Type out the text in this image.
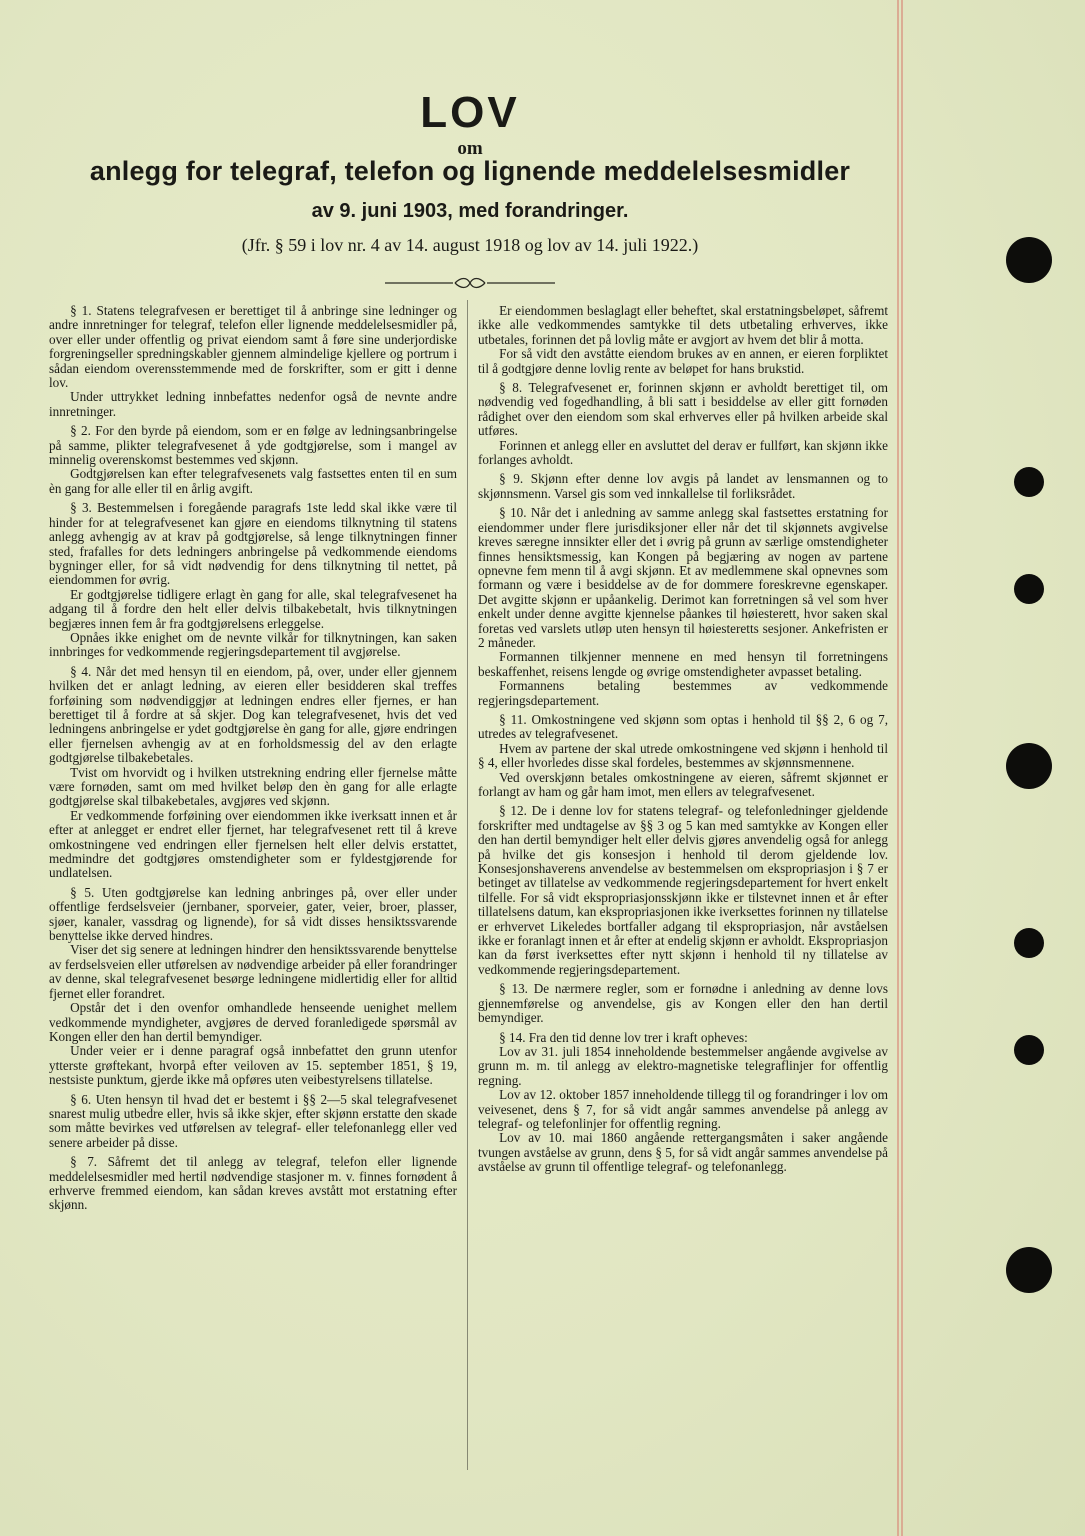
LOV
om
anlegg for telegraf, telefon og lignende meddelelsesmidler
av 9. juni 1903, med forandringer.
(Jfr. § 59 i lov nr. 4 av 14. august 1918 og lov av 14. juli 1922.)

§ 1. Statens telegrafvesen er berettiget til å anbringe sine ledninger og andre innretninger for telegraf, telefon eller lignende meddelelsesmidler på, over eller under offentlig og privat eiendom samt å føre sine underjordiske forgreningseller spredningskabler gjennem almindelige kjellere og portrum i sådan eiendom overensstemmende med de forskrifter, som er gitt i denne lov.

Under uttrykket ledning innbefattes nedenfor også de nevnte andre innretninger.

§ 2. For den byrde på eiendom, som er en følge av ledningsanbringelse på samme, plikter telegrafvesenet å yde godtgjørelse, som i mangel av minnelig overenskomst bestemmes ved skjønn.

Godtgjørelsen kan efter telegrafvesenets valg fastsettes enten til en sum èn gang for alle eller til en årlig avgift.

§ 3. Bestemmelsen i foregående paragrafs 1ste ledd skal ikke være til hinder for at telegrafvesenet kan gjøre en eiendoms tilknytning til statens anlegg avhengig av at krav på godtgjørelse, så lenge tilknytningen finner sted, frafalles for dets ledningers anbringelse på vedkommende eiendoms bygninger eller, for så vidt nødvendig for dens tilknytning til nettet, på eiendommen for øvrig.

Er godtgjørelse tidligere erlagt èn gang for alle, skal telegrafvesenet ha adgang til å fordre den helt eller delvis tilbakebetalt, hvis tilknytningen begjæres innen fem år fra godtgjørelsens erleggelse.

Opnåes ikke enighet om de nevnte vilkår for tilknytningen, kan saken innbringes for vedkommende regjeringsdepartement til avgjørelse.

§ 4. Når det med hensyn til en eiendom, på, over, under eller gjennem hvilken det er anlagt ledning, av eieren eller besidderen skal treffes forføining som nødvendiggjør at ledningen endres eller fjernes, er han berettiget til å fordre at så skjer. Dog kan telegrafvesenet, hvis det ved ledningens anbringelse er ydet godtgjørelse èn gang for alle, gjøre endringen eller fjernelsen avhengig av at en forholdsmessig del av den erlagte godtgjørelse tilbakebetales.

Tvist om hvorvidt og i hvilken utstrekning endring eller fjernelse måtte være fornøden, samt om med hvilket beløp den èn gang for alle erlagte godtgjørelse skal tilbakebetales, avgjøres ved skjønn.

Er vedkommende forføining over eiendommen ikke iverksatt innen et år efter at anlegget er endret eller fjernet, har telegrafvesenet rett til å kreve omkostningene ved endringen eller fjernelsen helt eller delvis erstattet, medmindre det godtgjøres omstendigheter som er fyldestgjørende for undlatelsen.

§ 5. Uten godtgjørelse kan ledning anbringes på, over eller under offentlige ferdselsveier (jernbaner, sporveier, gater, veier, broer, plasser, sjøer, kanaler, vassdrag og lignende), for så vidt disses hensiktssvarende benyttelse ikke derved hindres.

Viser det sig senere at ledningen hindrer den hensiktssvarende benyttelse av ferdselsveien eller utførelsen av nødvendige arbeider på eller forandringer av denne, skal telegrafvesenet besørge ledningene midlertidig eller for alltid fjernet eller forandret.

Opstår det i den ovenfor omhandlede henseende uenighet mellem vedkommende myndigheter, avgjøres de derved foranledigede spørsmål av Kongen eller den han dertil bemyndiger.

Under veier er i denne paragraf også innbefattet den grunn utenfor ytterste grøftekant, hvorpå efter veiloven av 15. september 1851, § 19, nestsiste punktum, gjerde ikke må opføres uten veibestyrelsens tillatelse.

§ 6. Uten hensyn til hvad det er bestemt i §§ 2—5 skal telegrafvesenet snarest mulig utbedre eller, hvis så ikke skjer, efter skjønn erstatte den skade som måtte bevirkes ved utførelsen av telegraf- eller telefonanlegg eller ved senere arbeider på disse.

§ 7. Såfremt det til anlegg av telegraf, telefon eller lignende meddelelsesmidler med hertil nødvendige stasjoner m. v. finnes fornødent å erhverve fremmed eiendom, kan sådan kreves avstått mot erstatning efter skjønn.

Er eiendommen beslaglagt eller beheftet, skal erstatningsbeløpet, såfremt ikke alle vedkommendes samtykke til dets utbetaling erhverves, ikke utbetales, forinnen det på lovlig måte er avgjort av hvem det blir å motta.

For så vidt den avståtte eiendom brukes av en annen, er eieren forpliktet til å godtgjøre denne lovlig rente av beløpet for hans brukstid.

§ 8. Telegrafvesenet er, forinnen skjønn er avholdt berettiget til, om nødvendig ved fogedhandling, å bli satt i besiddelse av eller gitt fornøden rådighet over den eiendom som skal erhverves eller på hvilken arbeide skal utføres.

Forinnen et anlegg eller en avsluttet del derav er fullført, kan skjønn ikke forlanges avholdt.

§ 9. Skjønn efter denne lov avgis på landet av lensmannen og to skjønnsmenn. Varsel gis som ved innkallelse til forliksrådet.

§ 10. Når det i anledning av samme anlegg skal fastsettes erstatning for eiendommer under flere jurisdiksjoner eller når det til skjønnets avgivelse kreves særegne innsikter eller det i øvrig på grunn av særlige omstendigheter finnes hensiktsmessig, kan Kongen på begjæring av nogen av partene opnevne fem menn til å avgi skjønn. Et av medlemmene skal opnevnes som formann og være i besiddelse av de for dommere foreskrevne egenskaper. Det avgitte skjønn er upåankelig. Derimot kan forretningen så vel som hver enkelt under denne avgitte kjennelse påankes til høiesterett, hvor saken skal foretas ved varslets utløp uten hensyn til høiesteretts sesjoner. Ankefristen er 2 måneder.

Formannen tilkjenner mennene en med hensyn til forretningens beskaffenhet, reisens lengde og øvrige omstendigheter avpasset betaling.

Formannens betaling bestemmes av vedkommende regjeringsdepartement.

§ 11. Omkostningene ved skjønn som optas i henhold til §§ 2, 6 og 7, utredes av telegrafvesenet.

Hvem av partene der skal utrede omkostningene ved skjønn i henhold til § 4, eller hvorledes disse skal fordeles, bestemmes av skjønnsmennene.

Ved overskjønn betales omkostningene av eieren, såfremt skjønnet er forlangt av ham og går ham imot, men ellers av telegrafvesenet.

§ 12. De i denne lov for statens telegraf- og telefonledninger gjeldende forskrifter med undtagelse av §§ 3 og 5 kan med samtykke av Kongen eller den han dertil bemyndiger helt eller delvis gjøres anvendelig også for anlegg på hvilke det gis konsesjon i henhold til derom gjeldende lov. Konsesjonshaverens anvendelse av bestemmelsen om ekspropriasjon i § 7 er betinget av tillatelse av vedkommende regjeringsdepartement for hvert enkelt tilfelle. For så vidt ekspropriasjonsskjønn ikke er tilstevnet innen et år efter tillatelsens datum, kan ekspropriasjonen ikke iverksettes forinnen ny tillatelse er erhvervet Likeledes bortfaller adgang til ekspropriasjon, når avståelsen ikke er foranlagt innen et år efter at endelig skjønn er avholdt. Ekspropriasjon kan da først iverksettes efter nytt skjønn i henhold til ny tillatelse av vedkommende regjeringsdepartement.

§ 13. De nærmere regler, som er fornødne i anledning av denne lovs gjennemførelse og anvendelse, gis av Kongen eller den han dertil bemyndiger.

§ 14. Fra den tid denne lov trer i kraft opheves:

Lov av 31. juli 1854 inneholdende bestemmelser angående avgivelse av grunn m. m. til anlegg av elektro-magnetiske telegraflinjer for offentlig regning.

Lov av 12. oktober 1857 inneholdende tillegg til og forandringer i lov om veivesenet, dens § 7, for så vidt angår sammes anvendelse på anlegg av telegraf- og telefonlinjer for offentlig regning.

Lov av 10. mai 1860 angående rettergangsmåten i saker angående tvungen avståelse av grunn, dens § 5, for så vidt angår sammes anvendelse på avståelse av grunn til offentlige telegraf- og telefonanlegg.
